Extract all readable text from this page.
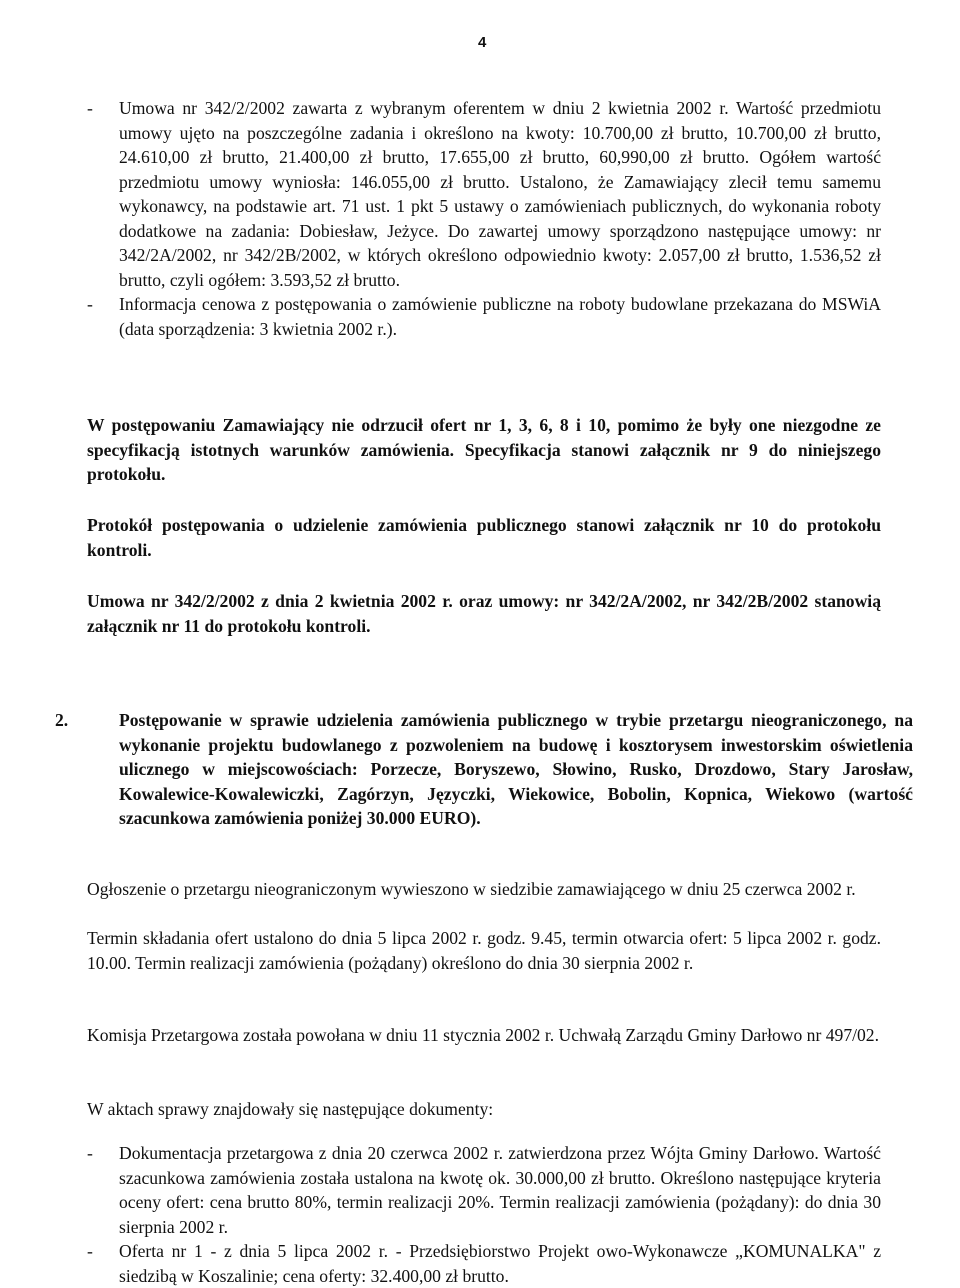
4
- Umowa nr 342/2/2002 zawarta z wybranym oferentem w dniu 2 kwietnia 2002 r. Wartość przedmiotu umowy ujęto na poszczególne zadania i określono na kwoty: 10.700,00 zł brutto, 10.700,00 zł brutto, 24.610,00 zł brutto, 21.400,00 zł brutto, 17.655,00 zł brutto, 60,990,00 zł brutto. Ogółem wartość przedmiotu umowy wyniosła: 146.055,00 zł brutto. Ustalono, że Zamawiający zlecił temu samemu wykonawcy, na podstawie art. 71 ust. 1 pkt 5 ustawy o zamówieniach publicznych, do wykonania roboty dodatkowe na zadania: Dobiesław, Jeżyce. Do zawartej umowy sporządzono następujące umowy: nr 342/2A/2002, nr 342/2B/2002, w których określono odpowiednio kwoty: 2.057,00 zł brutto, 1.536,52 zł brutto, czyli ogółem: 3.593,52 zł brutto.
- Informacja cenowa z postępowania o zamówienie publiczne na roboty budowlane przekazana do MSWiA (data sporządzenia: 3 kwietnia 2002 r.).
W postępowaniu Zamawiający nie odrzucił ofert nr 1, 3, 6, 8 i 10, pomimo że były one niezgodne ze specyfikacją istotnych warunków zamówienia. Specyfikacja stanowi załącznik nr 9 do niniejszego protokołu.
Protokół postępowania o udzielenie zamówienia publicznego stanowi załącznik nr 10 do protokołu kontroli.
Umowa nr 342/2/2002 z dnia 2 kwietnia 2002 r. oraz umowy: nr 342/2A/2002, nr 342/2B/2002 stanowią załącznik nr 11 do protokołu kontroli.
2.	Postępowanie w sprawie udzielenia zamówienia publicznego w trybie przetargu nieograniczonego, na wykonanie projektu budowlanego z pozwoleniem na budowę i kosztorysem inwestorskim oświetlenia ulicznego w miejscowościach: Porzecze, Boryszewo, Słowino, Rusko, Drozdowo, Stary Jarosław, Kowalewice-Kowalewiczki, Zagórzyn, Języczki, Wiekowice, Bobolin, Kopnica, Wiekowo (wartość szacunkowa zamówienia poniżej 30.000 EURO).
Ogłoszenie o przetargu nieograniczonym wywieszono w siedzibie zamawiającego w dniu 25 czerwca 2002 r.
Termin składania ofert ustalono do dnia 5 lipca 2002 r. godz. 9.45, termin otwarcia ofert: 5 lipca 2002 r. godz. 10.00. Termin realizacji zamówienia (pożądany) określono do dnia 30 sierpnia 2002 r.
Komisja Przetargowa została powołana w dniu 11 stycznia 2002 r. Uchwałą Zarządu Gminy Darłowo nr 497/02.
W aktach sprawy znajdowały się następujące dokumenty:
- Dokumentacja przetargowa z dnia 20 czerwca 2002 r. zatwierdzona przez Wójta Gminy Darłowo. Wartość szacunkowa zamówienia została ustalona na kwotę ok. 30.000,00 zł brutto. Określono następujące kryteria oceny ofert: cena brutto 80%, termin realizacji 20%. Termin realizacji zamówienia (pożądany): do dnia 30 sierpnia 2002 r.
- Oferta nr 1 - z dnia 5 lipca 2002 r. - Przedsiębiorstwo Projekt owo-Wykonawcze „KOMUNALKA" z siedzibą w Koszalinie; cena oferty: 32.400,00 zł brutto.
